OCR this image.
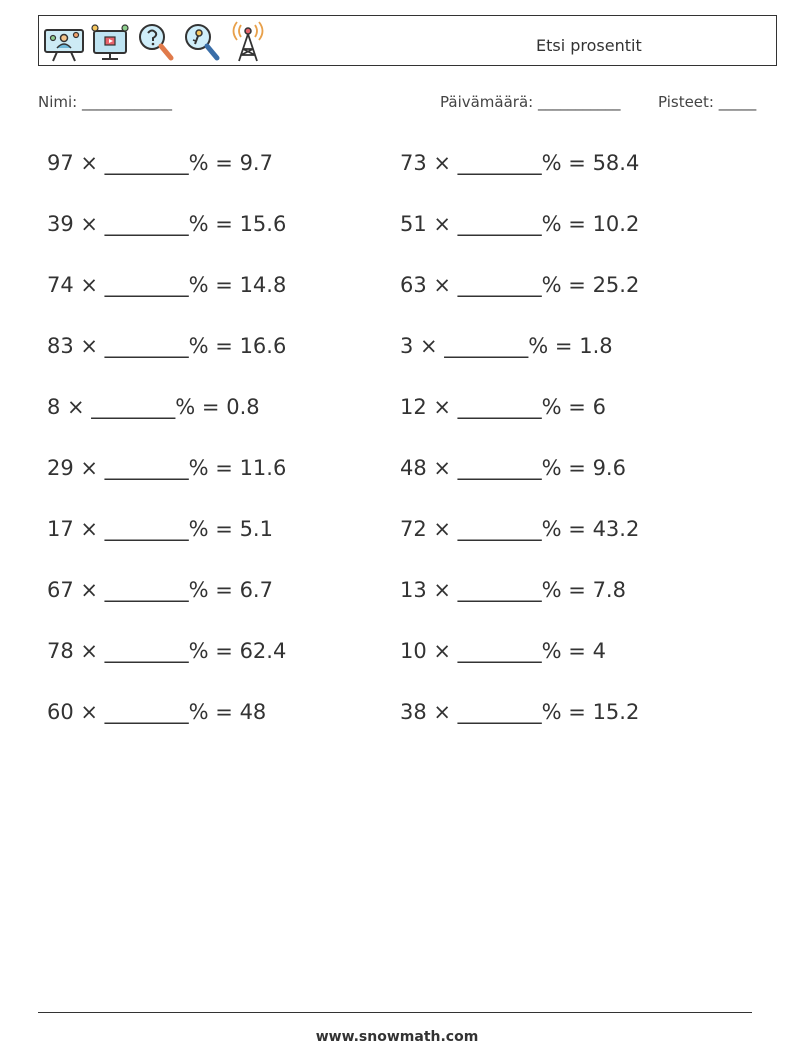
Etsi prosentit
Nimi: ____________	Päivämäärä: ___________	Pisteet: _____
97 × ________% = 9.7
39 × ________% = 15.6
74 × ________% = 14.8
83 × ________% = 16.6
8 × ________% = 0.8
29 × ________% = 11.6
17 × ________% = 5.1
67 × ________% = 6.7
78 × ________% = 62.4
60 × ________% = 48
73 × ________% = 58.4
51 × ________% = 10.2
63 × ________% = 25.2
3 × ________% = 1.8
12 × ________% = 6
48 × ________% = 9.6
72 × ________% = 43.2
13 × ________% = 7.8
10 × ________% = 4
38 × ________% = 15.2
www.snowmath.com
